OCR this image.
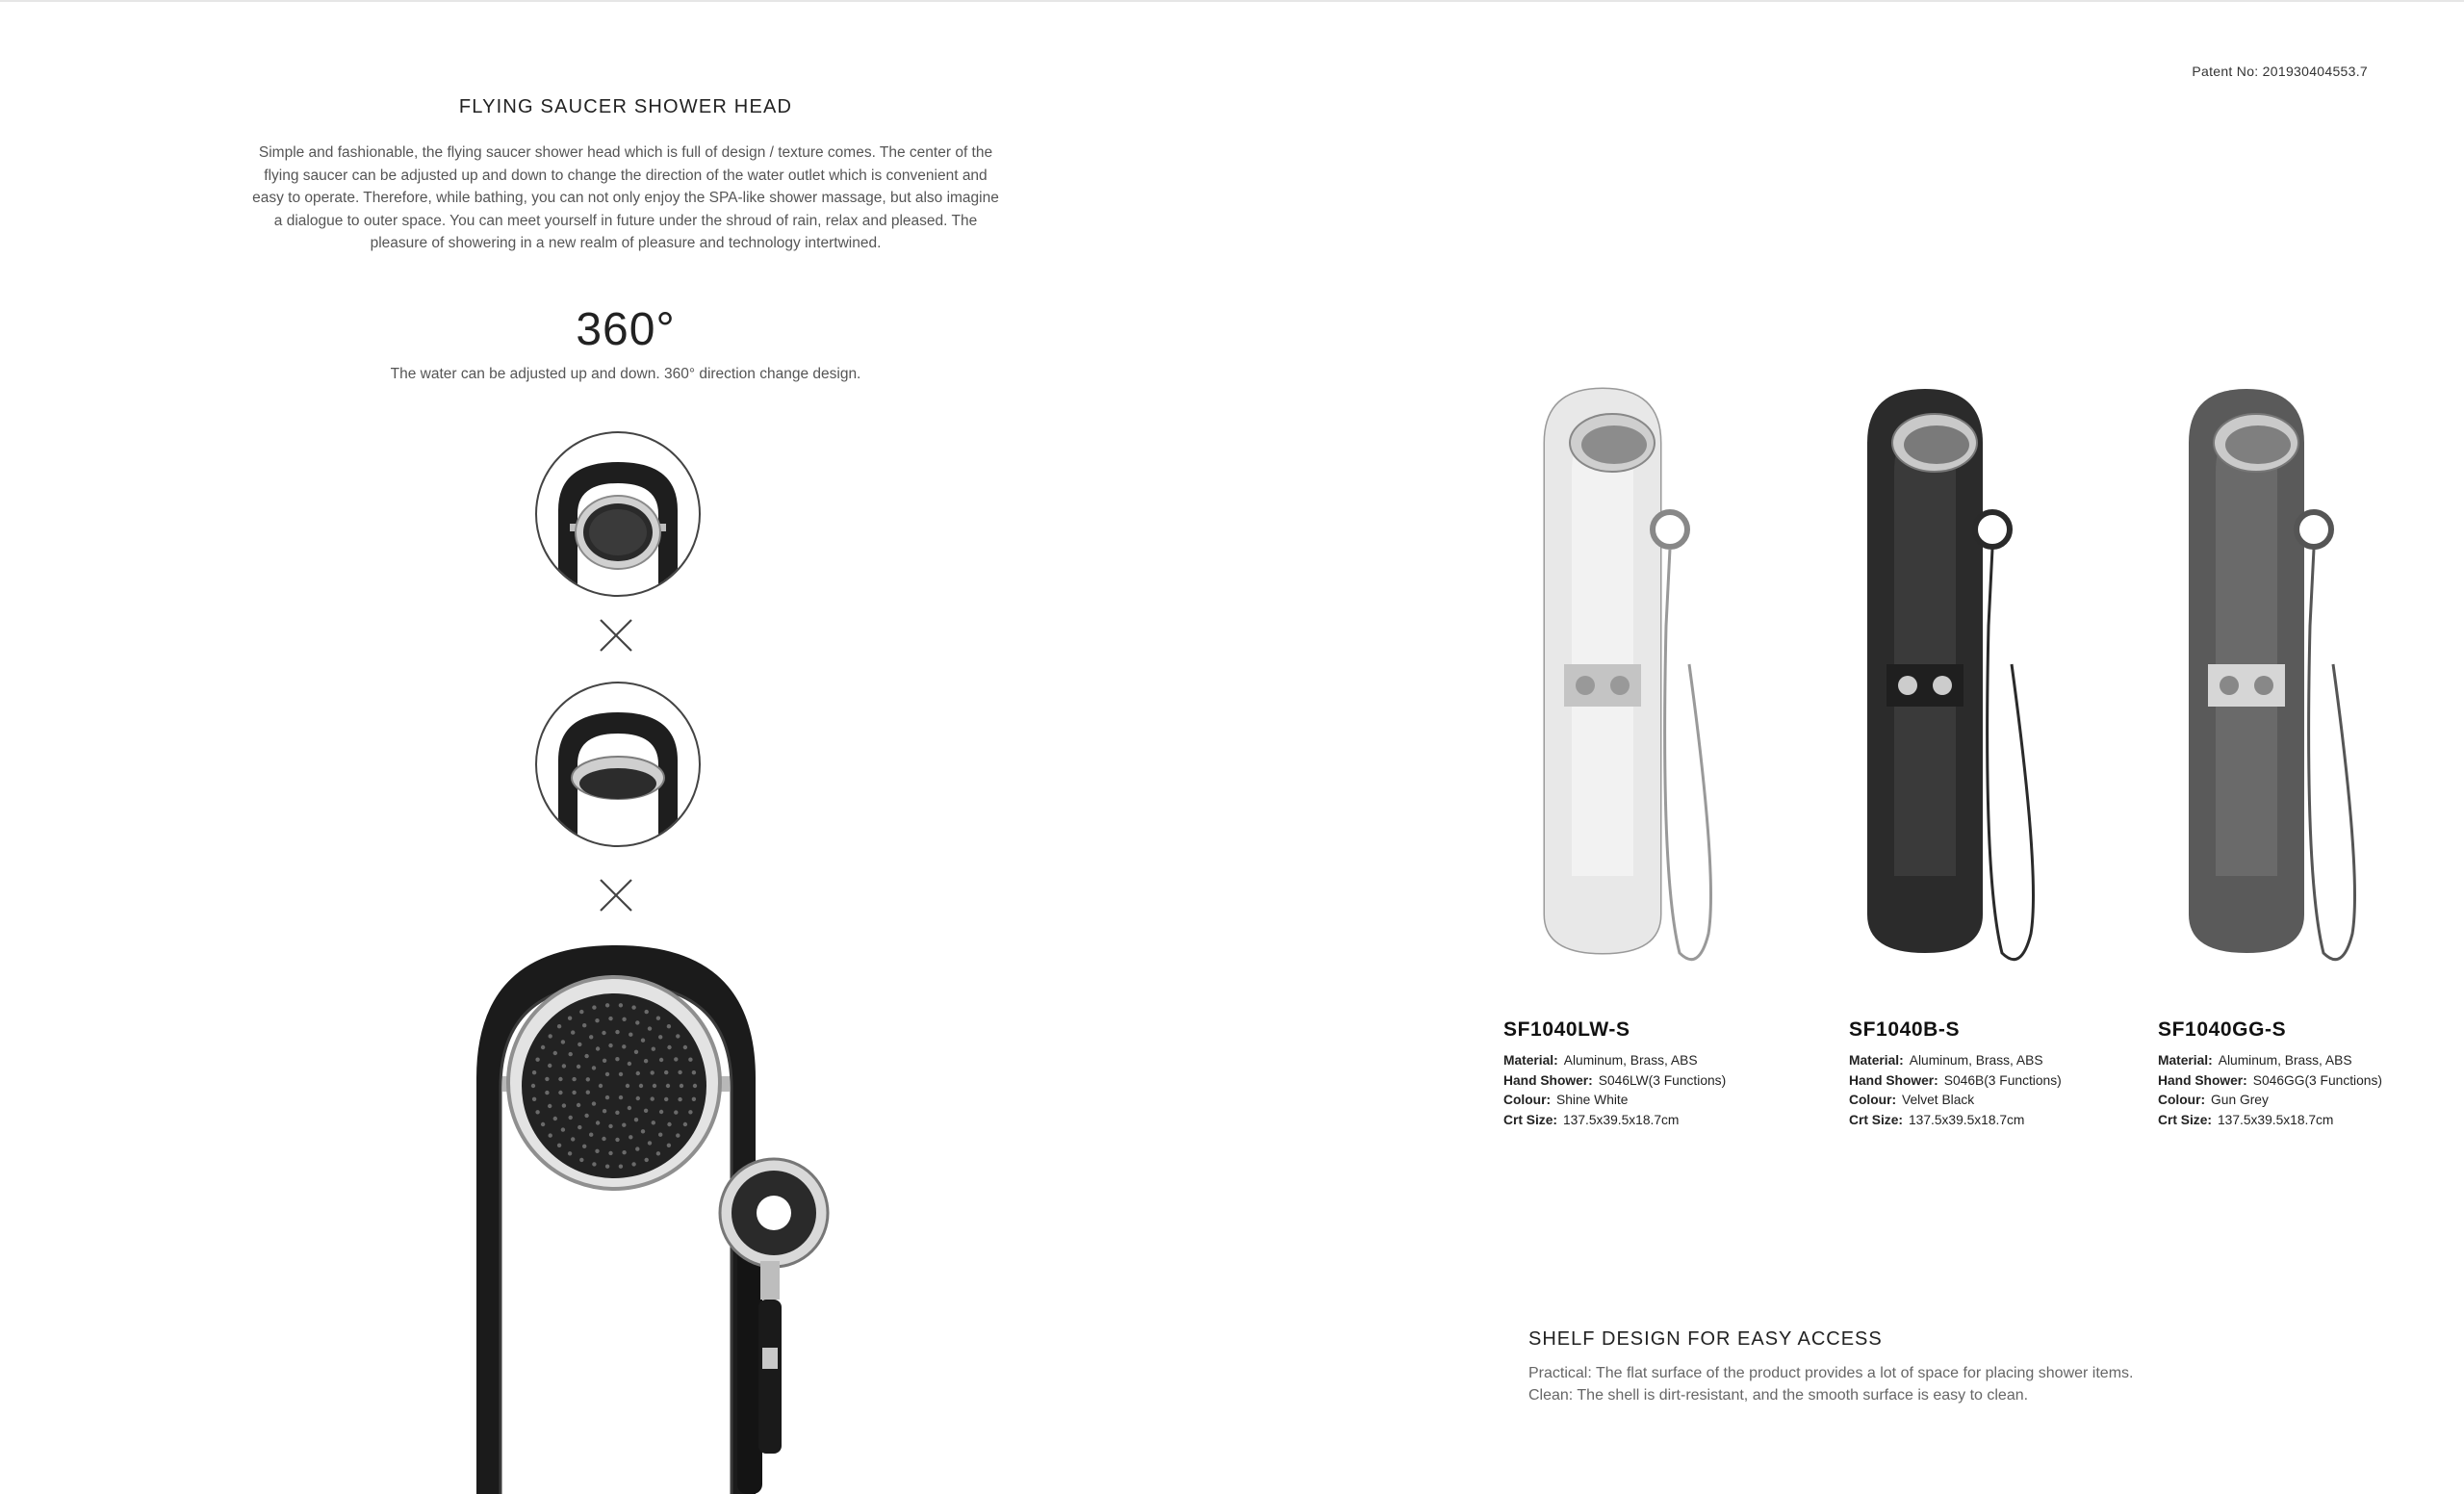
Patent No: 201930404553.7
FLYING SAUCER SHOWER HEAD
Simple and fashionable, the flying saucer shower head which is full of design / texture comes. The center of the
flying saucer can be adjusted up and down to change the direction of the water outlet which is convenient and
easy to operate. Therefore, while bathing, you can not only enjoy the SPA-like shower massage, but also imagine
a dialogue to outer space. You can meet yourself in future under the shroud of rain, relax and pleased. The
pleasure of showering in a new realm of pleasure and technology intertwined.
360°
The water can be adjusted up and down. 360° direction change design.
SF1040LW-S
Material: Aluminum, Brass, ABS
Hand Shower: S046LW(3 Functions)
Colour: Shine White
Crt Size: 137.5x39.5x18.7cm
SF1040B-S
Material: Aluminum, Brass, ABS
Hand Shower: S046B(3 Functions)
Colour: Velvet Black
Crt Size: 137.5x39.5x18.7cm
SF1040GG-S
Material: Aluminum, Brass, ABS
Hand Shower: S046GG(3 Functions)
Colour: Gun Grey
Crt Size: 137.5x39.5x18.7cm
SHELF DESIGN FOR EASY ACCESS
Practical: The flat surface of the product provides a lot of space for placing shower items.
Clean: The shell is dirt-resistant, and the smooth surface is easy to clean.
